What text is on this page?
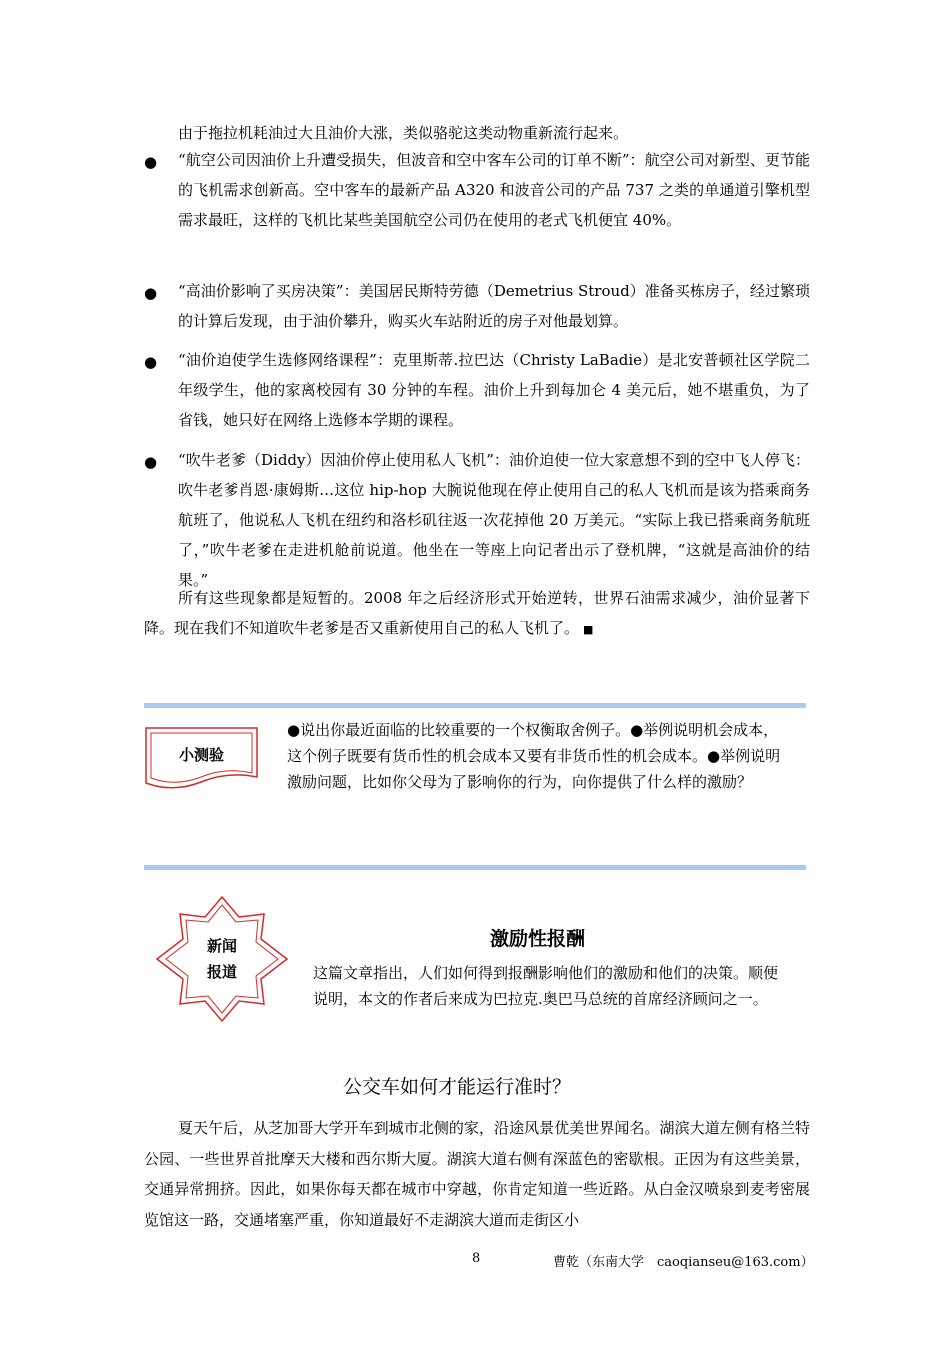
由于拖拉机耗油过大且油价大涨，类似骆驼这类动物重新流行起来。

● “航空公司因油价上升遭受损失，但波音和空中客车公司的订单不断”：航空公司对新型、更节能的飞机需求创新高。空中客车的最新产品 A320 和波音公司的产品 737 之类的单通道引擎机型需求最旺，这样的飞机比某些美国航空公司仍在使用的老式飞机便宜 40%。

● “高油价影响了买房决策”：美国居民斯特劳德（Demetrius Stroud）准备买栋房子，经过繁琐的计算后发现，由于油价攀升，购买火车站附近的房子对他最划算。

● “油价迫使学生选修网络课程”：克里斯蒂.拉巴达（Christy LaBadie）是北安普顿社区学院二年级学生，他的家离校园有 30 分钟的车程。油价上升到每加仑 4 美元后，她不堪重负，为了省钱，她只好在网络上选修本学期的课程。

● “吹牛老爹（Diddy）因油价停止使用私人飞机”：油价迫使一位大家意想不到的空中飞人停飞：吹牛老爹肖恩·康姆斯…这位 hip-hop 大腕说他现在停止使用自己的私人飞机而是该为搭乘商务航班了，他说私人飞机在纽约和洛杉矶往返一次花掉他 20 万美元。“实际上我已搭乘商务航班了，”吹牛老爹在走进机舱前说道。他坐在一等座上向记者出示了登机牌，“这就是高油价的结果。”

所有这些现象都是短暂的。2008 年之后经济形式开始逆转，世界石油需求减少，油价显著下降。现在我们不知道吹牛老爹是否又重新使用自己的私人飞机了。 ■

小测验

●说出你最近面临的比较重要的一个权衡取舍例子。●举例说明机会成本，这个例子既要有货币性的机会成本又要有非货币性的机会成本。●举例说明激励问题，比如你父母为了影响你的行为，向你提供了什么样的激励？

新闻
报道
激励性报酬

这篇文章指出，人们如何得到报酬影响他们的激励和他们的决策。顺便说明，本文的作者后来成为巴拉克.奥巴马总统的首席经济顾问之一。

公交车如何才能运行准时？

夏天午后，从芝加哥大学开车到城市北侧的家，沿途风景优美世界闻名。湖滨大道左侧有格兰特公园、一些世界首批摩天大楼和西尔斯大厦。湖滨大道右侧有深蓝色的密歇根。正因为有这些美景，交通异常拥挤。因此，如果你每天都在城市中穿越，你肯定知道一些近路。从白金汉喷泉到麦考密展览馆这一路，交通堵塞严重，你知道最好不走湖滨大道而走街区小

8	曹乾（东南大学　caoqianseu@163.com）
